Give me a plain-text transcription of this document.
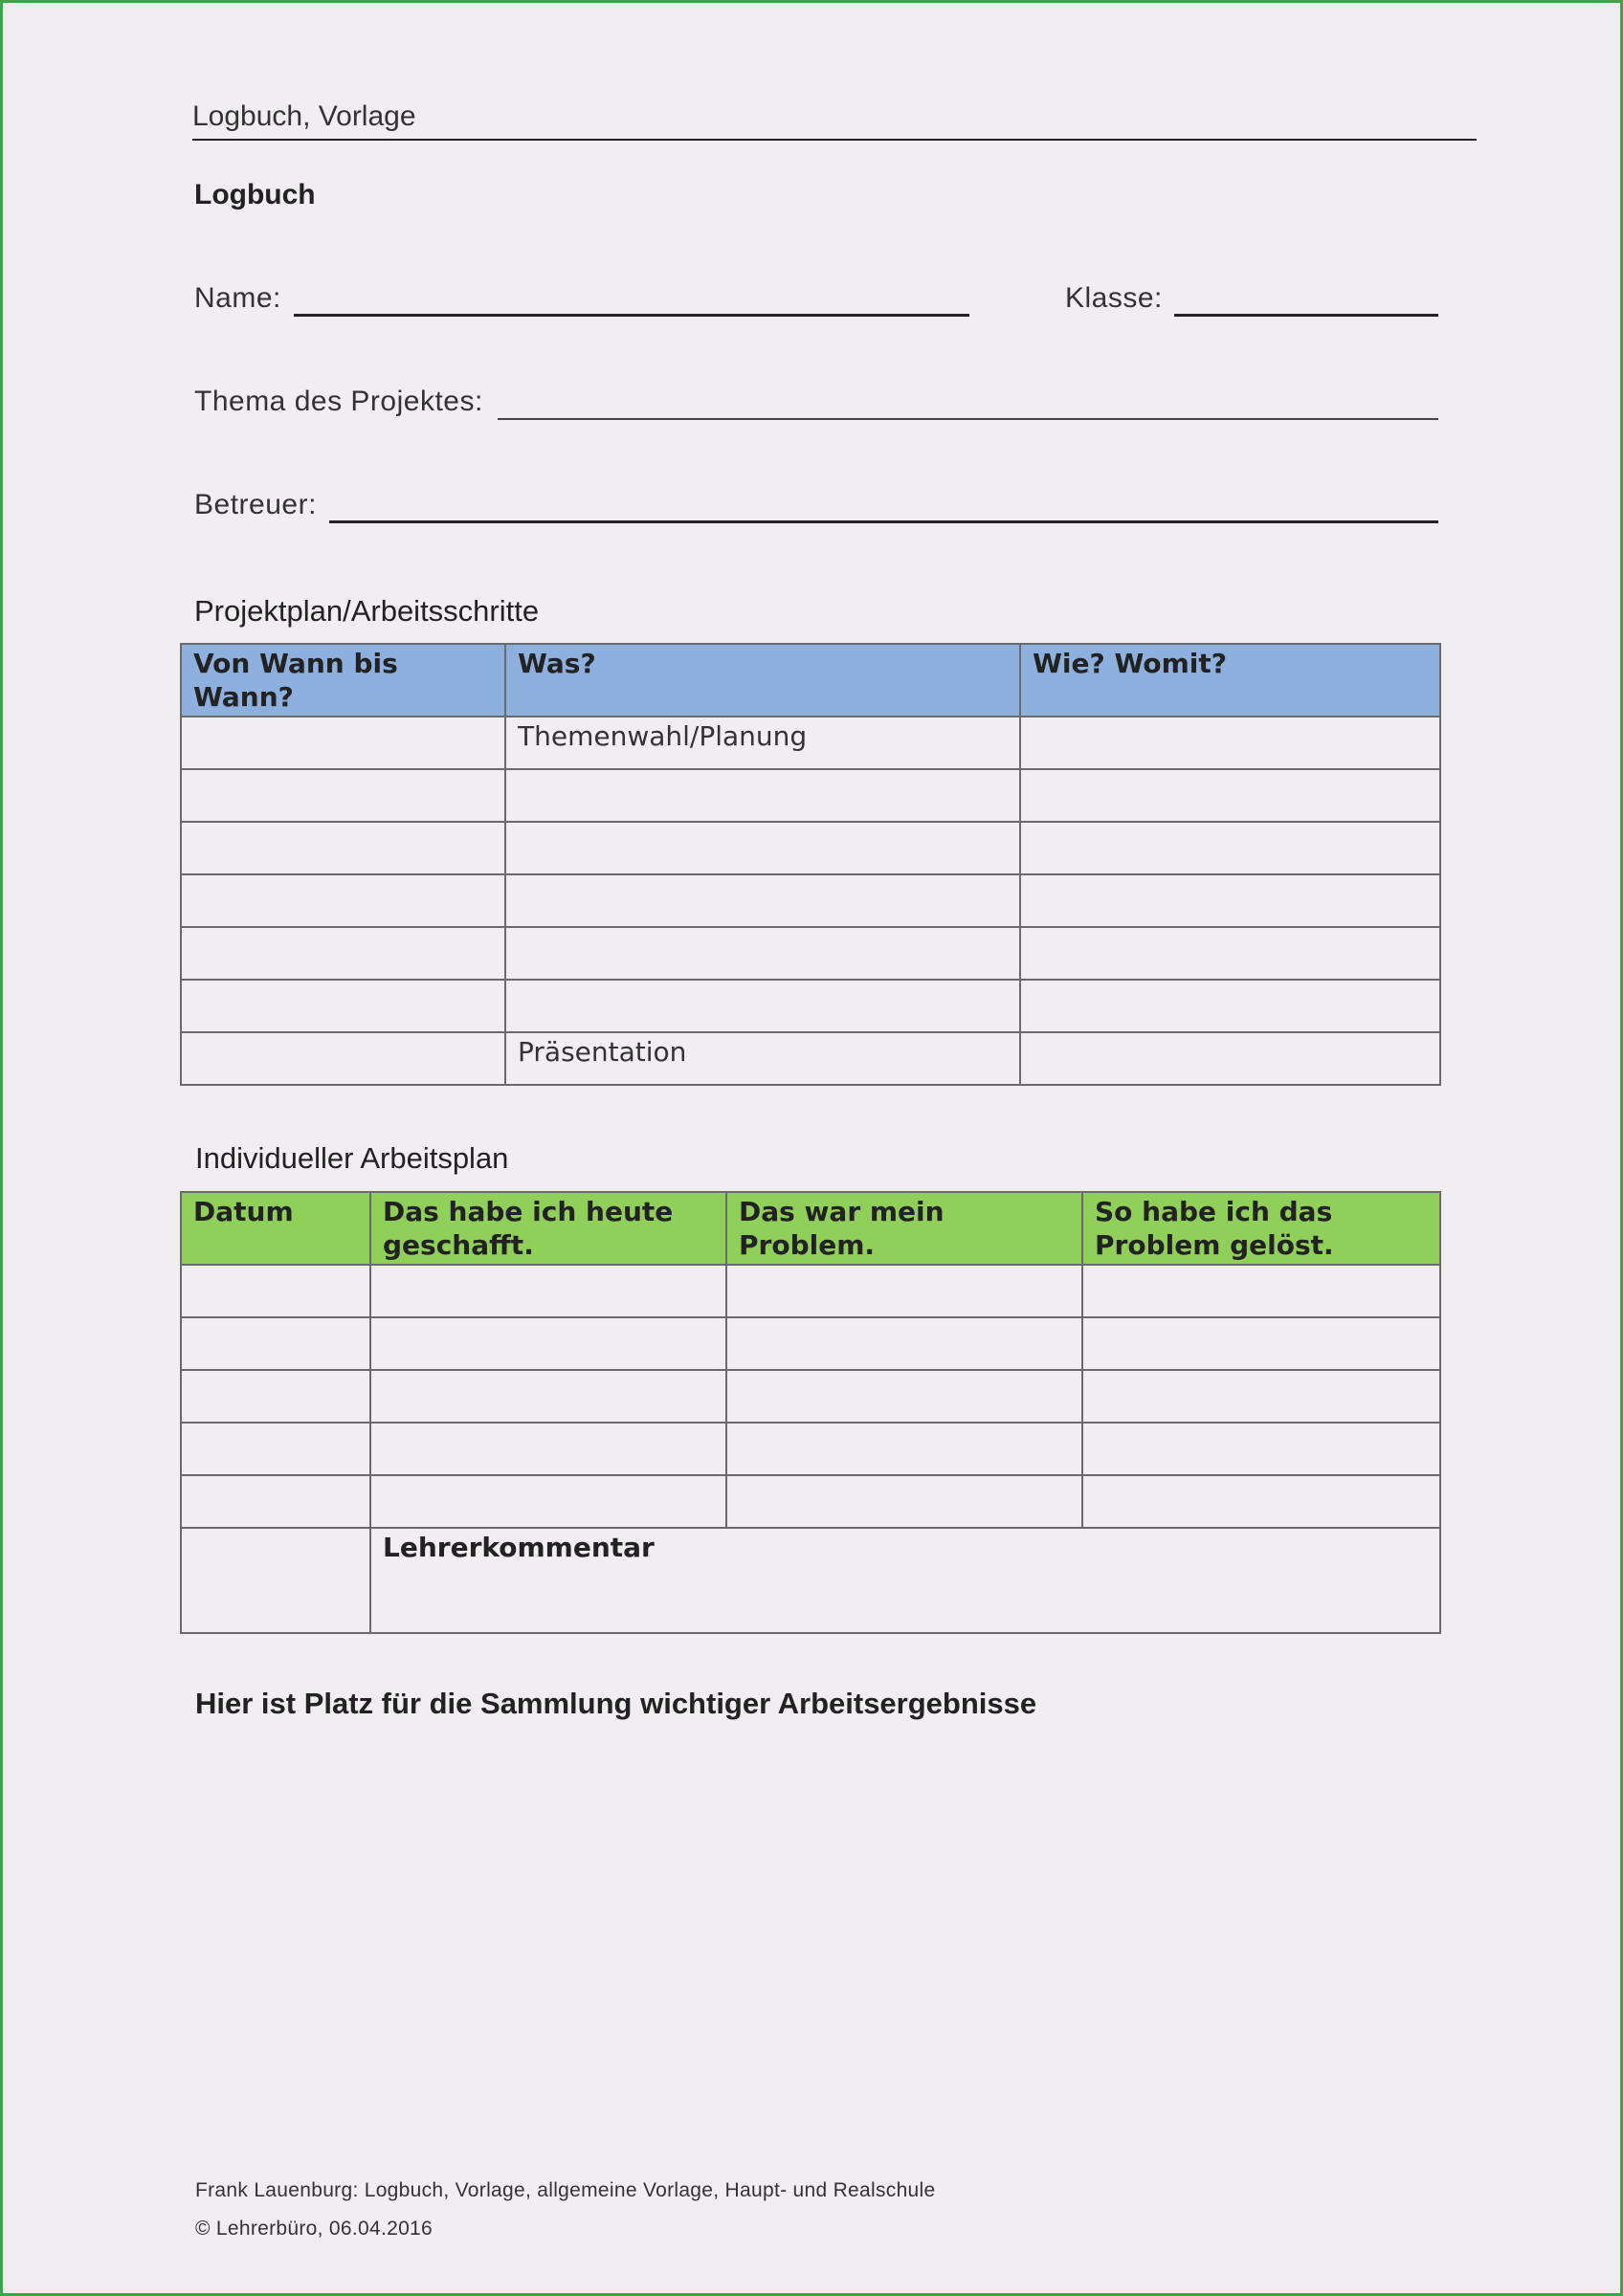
Logbuch, Vorlage
Logbuch
Name:	Klasse:
Thema des Projektes:
Betreuer:
Projektplan/Arbeitsschritte
Von Wann bis Wann?	Was?	Wie? Womit?
	Themenwahl/Planung	

	Präsentation	
Individueller Arbeitsplan
Datum	Das habe ich heute geschafft.	Das war mein Problem.	So habe ich das Problem gelöst.

	Lehrerkommentar		
Hier ist Platz für die Sammlung wichtiger Arbeitsergebnisse
Frank Lauenburg: Logbuch, Vorlage, allgemeine Vorlage, Haupt- und Realschule
© Lehrerbüro, 06.04.2016
